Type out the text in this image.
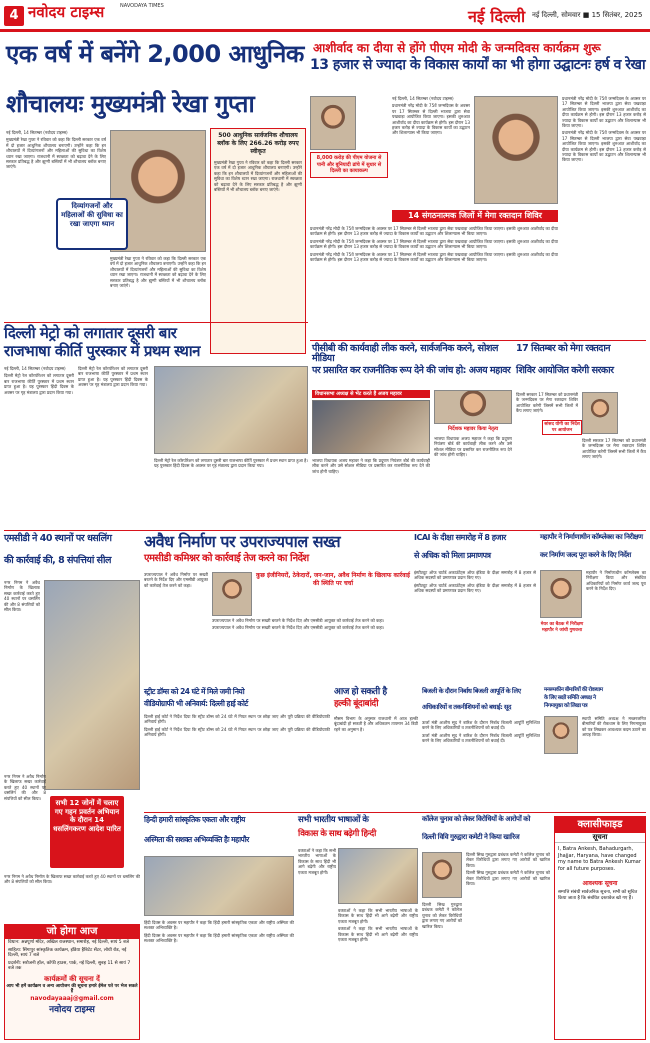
4 नवोदय टाइम्स	NAVODAYA TIMES
नई दिल्ली नई दिल्ली, सोमवार ■ 15 सितंबर, 2025
एक वर्ष में बनेंगे 2,000 आधुनिक
शौचालयः मुख्यमंत्री रेखा गुप्ता

नई दिल्ली, 14 सितम्बर (नवोदय टाइम्स)

मुख्यमंत्री रेखा गुप्ता ने रविवार को कहा कि दिल्ली सरकार एक वर्ष में दो हजार आधुनिक शौचालय बनाएगी। उन्होंने कहा कि इन शौचालयों में दिव्यांगजनों और महिलाओं की सुविधा का विशेष ध्यान रखा जाएगा। राजधानी में स्वच्छता को बढ़ावा देने के लिए सरकार प्रतिबद्ध है और झुग्गी बस्तियों में भी शौचालय ब्लॉक बनाए जाएंगे।

दिव्यांगजनों और महिलाओं की सुविधा का रखा जाएगा ध्यान
500 आधुनिक सार्वजनिक शौचालय ब्लॉक के लिए 266.26 करोड़ रुपए स्वीकृत
मुख्यमंत्री रेखा गुप्ता ने रविवार को कहा कि दिल्ली सरकार एक वर्ष में दो हजार आधुनिक शौचालय बनाएगी। उन्होंने कहा कि इन शौचालयों में दिव्यांगजनों और महिलाओं की सुविधा का विशेष ध्यान रखा जाएगा। राजधानी में स्वच्छता को बढ़ावा देने के लिए सरकार प्रतिबद्ध है और झुग्गी बस्तियों में भी शौचालय ब्लॉक बनाए जाएंगे।

मुख्यमंत्री रेखा गुप्ता ने रविवार को कहा कि दिल्ली सरकार एक वर्ष में दो हजार आधुनिक शौचालय बनाएगी। उन्होंने कहा कि इन शौचालयों में दिव्यांगजनों और महिलाओं की सुविधा का विशेष ध्यान रखा जाएगा। राजधानी में स्वच्छता को बढ़ावा देने के लिए सरकार प्रतिबद्ध है और झुग्गी बस्तियों में भी शौचालय ब्लॉक बनाए जाएंगे।

आशीर्वाद का दीया से होंगे पीएम मोदी के जन्मदिवस कार्यक्रम शुरू
13 हजार से ज्यादा के विकास कार्यों का भी होगा उद्घाटनः हर्ष व रेखा
8,000 करोड़ की पीएम योजना से पानी और बुनियादी ढांचे में सुधार से दिल्ली का कायाकल्प

नई दिल्ली, 14 सितम्बर (नवोदय टाइम्स)

प्रधानमंत्री नरेंद्र मोदी के 75वें जन्मदिवस के अवसर पर 17 सितम्बर से दिल्ली भाजपा द्वारा सेवा पखवाड़ा आयोजित किया जाएगा। इसकी शुरुआत आशीर्वाद का दीया कार्यक्रम से होगी। इस दौरान 13 हजार करोड़ से ज्यादा के विकास कार्यों का उद्घाटन और शिलान्यास भी किया जाएगा।

प्रधानमंत्री नरेंद्र मोदी के 75वें जन्मदिवस के अवसर पर 17 सितम्बर से दिल्ली भाजपा द्वारा सेवा पखवाड़ा आयोजित किया जाएगा। इसकी शुरुआत आशीर्वाद का दीया कार्यक्रम से होगी। इस दौरान 13 हजार करोड़ से ज्यादा के विकास कार्यों का उद्घाटन और शिलान्यास भी किया जाएगा।

प्रधानमंत्री नरेंद्र मोदी के 75वें जन्मदिवस के अवसर पर 17 सितम्बर से दिल्ली भाजपा द्वारा सेवा पखवाड़ा आयोजित किया जाएगा। इसकी शुरुआत आशीर्वाद का दीया कार्यक्रम से होगी। इस दौरान 13 हजार करोड़ से ज्यादा के विकास कार्यों का उद्घाटन और शिलान्यास भी किया जाएगा।

14 संगठनात्मक जिलों में मेगा रक्तदान शिविर

प्रधानमंत्री नरेंद्र मोदी के 75वें जन्मदिवस के अवसर पर 17 सितम्बर से दिल्ली भाजपा द्वारा सेवा पखवाड़ा आयोजित किया जाएगा। इसकी शुरुआत आशीर्वाद का दीया कार्यक्रम से होगी। इस दौरान 13 हजार करोड़ से ज्यादा के विकास कार्यों का उद्घाटन और शिलान्यास भी किया जाएगा।

प्रधानमंत्री नरेंद्र मोदी के 75वें जन्मदिवस के अवसर पर 17 सितम्बर से दिल्ली भाजपा द्वारा सेवा पखवाड़ा आयोजित किया जाएगा। इसकी शुरुआत आशीर्वाद का दीया कार्यक्रम से होगी। इस दौरान 13 हजार करोड़ से ज्यादा के विकास कार्यों का उद्घाटन और शिलान्यास भी किया जाएगा।

प्रधानमंत्री नरेंद्र मोदी के 75वें जन्मदिवस के अवसर पर 17 सितम्बर से दिल्ली भाजपा द्वारा सेवा पखवाड़ा आयोजित किया जाएगा। इसकी शुरुआत आशीर्वाद का दीया कार्यक्रम से होगी। इस दौरान 13 हजार करोड़ से ज्यादा के विकास कार्यों का उद्घाटन और शिलान्यास भी किया जाएगा।

दिल्ली मेट्रो को लगातार दूसरी बार
राजभाषा कीर्ति पुरस्कार में प्रथम स्थान

नई दिल्ली, 14 सितम्बर (नवोदय टाइम्स)

दिल्ली मेट्रो रेल कॉरपोरेशन को लगातार दूसरी बार राजभाषा कीर्ति पुरस्कार में प्रथम स्थान प्राप्त हुआ है। यह पुरस्कार हिंदी दिवस के अवसर पर गृह मंत्रालय द्वारा प्रदान किया गया।

दिल्ली मेट्रो रेल कॉरपोरेशन को लगातार दूसरी बार राजभाषा कीर्ति पुरस्कार में प्रथम स्थान प्राप्त हुआ है। यह पुरस्कार हिंदी दिवस के अवसर पर गृह मंत्रालय द्वारा प्रदान किया गया।

दिल्ली मेट्रो रेल कॉरपोरेशन को लगातार दूसरी बार राजभाषा कीर्ति पुरस्कार में प्रथम स्थान प्राप्त हुआ है। यह पुरस्कार हिंदी दिवस के अवसर पर गृह मंत्रालय द्वारा प्रदान किया गया।

पीसीबी की कार्यवाही लीक करने, सार्वजनिक करने, सोशल मीडिया
पर प्रसारित कर राजनीतिक रूप देने की जांच हो: अजय महावर
विधानसभा अध्यक्ष से भेंट करते हैं अजय महावर

भाजपा विधायक अजय महावर ने कहा कि प्रदूषण नियंत्रण बोर्ड की कार्यवाही लीक करने और उसे सोशल मीडिया पर प्रसारित कर राजनीतिक रूप देने की जांच होनी चाहिए।

निर्देशक महावर किया नेतृत्व

भाजपा विधायक अजय महावर ने कहा कि प्रदूषण नियंत्रण बोर्ड की कार्यवाही लीक करने और उसे सोशल मीडिया पर प्रसारित कर राजनीतिक रूप देने की जांच होनी चाहिए।

17 सितम्बर को मेगा रक्तदान
शिविर आयोजित करेगी सरकार

दिल्ली सरकार 17 सितम्बर को प्रधानमंत्री के जन्मदिवस पर मेगा रक्तदान शिविर आयोजित करेगी जिसमें सभी जिलों में कैंप लगाए जाएंगे।

सांसद योगी का निर्देश पर आयोजन

दिल्ली सरकार 17 सितम्बर को प्रधानमंत्री के जन्मदिवस पर मेगा रक्तदान शिविर आयोजित करेगी जिसमें सभी जिलों में कैंप लगाए जाएंगे।

एमसीडी ने 40 स्थानों पर धसलिंग
की कार्रवाई की, 8 संपत्तियां सील

नगर निगम ने अवैध निर्माण के खिलाफ सख्त कार्रवाई करते हुए 40 स्थानों पर धसलिंग की और 8 संपत्तियों को सील किया।

सभी 12 जोनों में चलाए गए गहन प्रवर्तन अभियान के दौरान 14 धसलिंगकरण आदेश पारित

नगर निगम ने अवैध निर्माण के खिलाफ सख्त कार्रवाई करते हुए 40 स्थानों पर धसलिंग की और 8 संपत्तियों को सील किया।

नगर निगम ने अवैध निर्माण के खिलाफ सख्त कार्रवाई करते हुए 40 स्थानों पर धसलिंग की और 8 संपत्तियों को सील किया।

अवैध निर्माण पर उपराज्यपाल सख्त
एमसीडी कमिश्नर को कार्रवाई तेज करने का निर्देश

उपराज्यपाल ने अवैध निर्माण पर सख्ती बरतने के निर्देश दिए और एमसीडी आयुक्त को कार्रवाई तेज करने को कहा।

कुछ इंजीनियरों, ठेकेदारों, जन-जान, अवैध निर्माण के खिलाफ कार्रवाई की स्थिति पर चर्चा

उपराज्यपाल ने अवैध निर्माण पर सख्ती बरतने के निर्देश दिए और एमसीडी आयुक्त को कार्रवाई तेज करने को कहा।

उपराज्यपाल ने अवैध निर्माण पर सख्ती बरतने के निर्देश दिए और एमसीडी आयुक्त को कार्रवाई तेज करने को कहा।

ICAI के दीक्षा समारोह में 8 हजार
से अधिक को मिला प्रमाणपत्र

इंस्टीट्यूट ऑफ चार्टर्ड अकाउंटेंट्स ऑफ इंडिया के दीक्षा समारोह में 8 हजार से अधिक सदस्यों को प्रमाणपत्र प्रदान किए गए।

इंस्टीट्यूट ऑफ चार्टर्ड अकाउंटेंट्स ऑफ इंडिया के दीक्षा समारोह में 8 हजार से अधिक सदस्यों को प्रमाणपत्र प्रदान किए गए।

महापौर ने निर्माणाधीन कॉम्प्लेक्स का निरीक्षण
कर निर्माण जल्द पूरा करने के दिए निर्देश

महापौर ने निर्माणाधीन कॉम्प्लेक्स का निरीक्षण किया और संबंधित अधिकारियों को निर्माण कार्य जल्द पूरा करने के निर्देश दिए।

मेयर का बैठक में निरीक्षण महापौर ने जांची गुणवत्ता
स्ट्रीट डॉग्स को 24 घंटे में मिले जमी नियो
वीडियोग्राफी भी अनिवार्य: दिल्ली हाई कोर्ट

दिल्ली हाई कोर्ट ने निर्देश दिया कि स्ट्रीट डॉग्स को 24 घंटे में नियत स्थान पर छोड़ा जाए और पूरी प्रक्रिया की वीडियोग्राफी अनिवार्य होगी।

दिल्ली हाई कोर्ट ने निर्देश दिया कि स्ट्रीट डॉग्स को 24 घंटे में नियत स्थान पर छोड़ा जाए और पूरी प्रक्रिया की वीडियोग्राफी अनिवार्य होगी।

आज हो सकती है
हल्की बूंदाबांदी

मौसम विभाग के अनुसार राजधानी में आज हल्की बूंदाबांदी हो सकती है और अधिकतम तापमान 34 डिग्री रहने का अनुमान है।

बिजली के दौरान निर्बाध बिजली आपूर्ति के लिए
अधिकारियों व तकनीशियनों को बधाई: सूद

ऊर्जा मंत्री आशीष सूद ने बारिश के दौरान निर्बाध बिजली आपूर्ति सुनिश्चित करने के लिए अधिकारियों व तकनीशियनों को बधाई दी।

ऊर्जा मंत्री आशीष सूद ने बारिश के दौरान निर्बाध बिजली आपूर्ति सुनिश्चित करने के लिए अधिकारियों व तकनीशियनों को बधाई दी।

मनरूपकीन बीमारियों की रोकथाम
के लिए सक्षी समिति अध्यक्ष ने
निगमायुक्त को लिखा पत्र

स्थायी समिति अध्यक्ष ने मच्छरजनित बीमारियों की रोकथाम के लिए निगमायुक्त को पत्र लिखकर आवश्यक कदम उठाने का आग्रह किया।

जो होगा आज
विधान: अन्नपूर्णा मंदिर, अखिल राजस्थान, समारोह, नई दिल्ली, सायं 5 बजे
साहित्य: सिंगापुर सांस्कृतिक कार्यक्रम, इंडिया हैबिटेट सेंटर, लोधी रोड, नई दिल्ली, सायं 7 बजे
प्रदर्शनी: सरोजनी हॉल, कॉफी हाउस, पार्क, नई दिल्ली, सुबह 11 से सायं 7 बजे तक
कार्यक्रमों की सूचना दें
आप भी हमें कार्यक्रम व अन्य आयोजन की सूचना हमारे ईमेल पते पर भेज सकते हैं
navodayaaaj@gmail.com
नवोदय टाइम्स
हिन्दी हमारी सांस्कृतिक एकता और राष्ट्रीय
अस्मिता की सशक्त अभिव्यक्ति हैः महापौर

हिंदी दिवस के अवसर पर महापौर ने कहा कि हिंदी हमारी सांस्कृतिक एकता और राष्ट्रीय अस्मिता की सशक्त अभिव्यक्ति है।

हिंदी दिवस के अवसर पर महापौर ने कहा कि हिंदी हमारी सांस्कृतिक एकता और राष्ट्रीय अस्मिता की सशक्त अभिव्यक्ति है।

सभी भारतीय भाषाओं के
विकास के साथ बढ़ेगी हिन्दी

वक्ताओं ने कहा कि सभी भारतीय भाषाओं के विकास के साथ हिंदी भी आगे बढ़ेगी और राष्ट्रीय एकता मजबूत होगी।

वक्ताओं ने कहा कि सभी भारतीय भाषाओं के विकास के साथ हिंदी भी आगे बढ़ेगी और राष्ट्रीय एकता मजबूत होगी।

वक्ताओं ने कहा कि सभी भारतीय भाषाओं के विकास के साथ हिंदी भी आगे बढ़ेगी और राष्ट्रीय एकता मजबूत होगी।

कॉलेज चुनाव को लेकर विरोधियों के आरोपों को
दिल्ली विवि गुरुद्वारा कमेटी ने किया खारिज

दिल्ली सिख गुरुद्वारा प्रबंधक कमेटी ने कॉलेज चुनाव को लेकर विरोधियों द्वारा लगाए गए आरोपों को खारिज किया।

दिल्ली सिख गुरुद्वारा प्रबंधक कमेटी ने कॉलेज चुनाव को लेकर विरोधियों द्वारा लगाए गए आरोपों को खारिज किया।

दिल्ली सिख गुरुद्वारा प्रबंधक कमेटी ने कॉलेज चुनाव को लेकर विरोधियों द्वारा लगाए गए आरोपों को खारिज किया।

क्लासीफाइड
सूचना
I, Batra Ankesh, Bahadurgarh, Jhajjar, Haryana, have changed my name to Batra Ankesh Kumar for all future purposes.
आवश्यक सूचना
सम्पत्ति संबंधी सार्वजनिक सूचना, सभी को सूचित किया जाता है कि संबंधित दस्तावेज खो गए हैं।
